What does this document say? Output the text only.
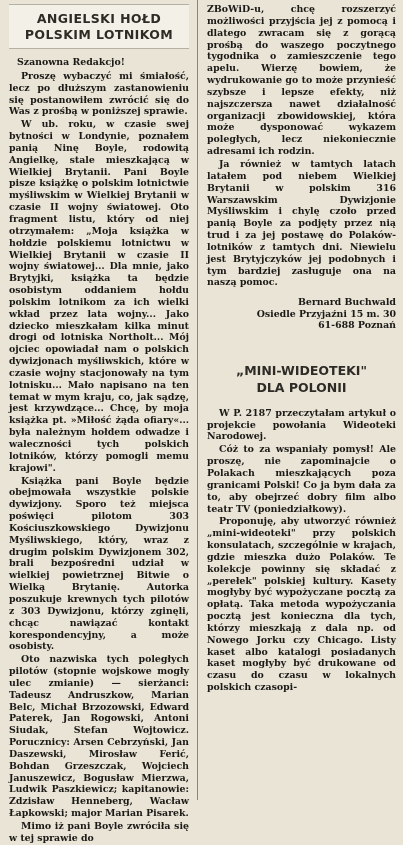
ANGIELSKI HOŁD
POLSKIM LOTNIKOM
Szanowna Redakcjo!

Proszę wybaczyć mi śmiałość, lecz po dłuższym zastanowieniu się postanowiłem zwrócić się do Was z prośbą w poniższej sprawie.

W ub. roku, w czasie swej bytności w Londynie, poznałem panią Ninę Boyle, rodowitą Angielkę, stale mieszkającą w Wielkiej Brytanii. Pani Boyle pisze książkę o polskim lotnictwie myśliwskim w Wielkiej Brytanii w czasie II wojny światowej. Oto fragment listu, który od niej otrzymałem: „Moja książka w hołdzie polskiemu lotnictwu w Wielkiej Brytanii w czasie II wojny światowej... Dla mnie, jako Brytyjki, książka ta będzie osobistym oddaniem hołdu polskim lotnikom za ich wielki wkład przez lata wojny... Jako dziecko mieszkałam kilka minut drogi od lotniska Northolt... Mój ojciec opowiadał nam o polskich dywizjonach myśliwskich, które w czasie wojny stacjonowały na tym lotnisku... Mało napisano na ten temat w mym kraju, co, jak sądzę, jest krzywdzące... Chcę, by moja książka pt. »Miłość żąda ofiary«... była należnym hołdem odwadze i waleczności tych polskich lotników, którzy pomogli memu krajowi".

Książka pani Boyle będzie obejmowała wszystkie polskie dywizjony. Sporo też miejsca poświęci pilotom 303 Kościuszkowskiego Dywizjonu Myśliwskiego, który, wraz z drugim polskim Dywizjonem 302, brali bezpośredni udział w wielkiej powietrznej Bitwie o Wielką Brytanię. Autorka poszukuje krewnych tych pilotów z 303 Dywizjonu, którzy zginęli, chcąc nawiązać kontakt korespondencyjny, a może osobisty.

Oto nazwiska tych poległych pilotów (stopnie wojskowe mogły ulec zmianie) — sierżanci: Tadeusz Andruszkow, Marian Belc, Michał Brzozowski, Edward Paterek, Jan Rogowski, Antoni Siudak, Stefan Wojtowicz. Porucznicy: Arsen Cebrzyński, Jan Daszewski, Mirosław Ferić, Bohdan Grzeszczak, Wojciech Januszewicz, Bogusław Mierzwa, Ludwik Paszkiewicz; kapitanowie: Zdzisław Henneberg, Wacław Łapkowski; major Marian Pisarek.

Mimo iż pani Boyle zwróciła się w tej sprawie do

ZBoWiD-u, chcę rozszerzyć możliwości przyjścia jej z pomocą i dlatego zwracam się z gorącą prośbą do waszego poczytnego tygodnika o zamieszczenie tego apelu. Wierzę bowiem, że wydrukowanie go to może przynieść szybsze i lepsze efekty, niż najszczersza nawet działalność organizacji zbowidowskiej, która może dysponować wykazem poległych, lecz niekoniecznie adresami ich rodzin.

Ja również w tamtych latach latałem pod niebem Wielkiej Brytanii w polskim 316 Warszawskim Dywizjonie Myśliwskim i chylę czoło przed panią Boyle za podjęty przez nią trud i za jej postawę do Polaków-lotników z tamtych dni. Niewielu jest Brytyjczyków jej podobnych i tym bardziej zasługuje ona na naszą pomoc.

Bernard Buchwald
Osiedle Przyjaźni 15 m. 30
61-688 Poznań
„MINI-WIDEOTEKI"
DLA POLONII

W P. 2187 przeczytałam artykuł o projekcie powołania Wideoteki Narodowej.

Cóż to za wspaniały pomysł! Ale proszę, nie zapominajcie o Polakach mieszkających poza granicami Polski! Co ja bym dała za to, aby obejrzeć dobry film albo teatr TV (poniedziałkowy).

Proponuję, aby utworzyć również „mini-wideoteki" przy polskich konsulatach, szczególnie w krajach, gdzie mieszka dużo Polaków. Te kolekcje powinny się składać z „perełek" polskiej kultury. Kasety mogłyby być wypożyczane pocztą za opłatą. Taka metoda wypożyczania pocztą jest konieczna dla tych, którzy mieszkają z dala np. od Nowego Jorku czy Chicago. Listy kaset albo katalogi posiadanych kaset mogłyby być drukowane od czasu do czasu w lokalnych polskich czasopi-
